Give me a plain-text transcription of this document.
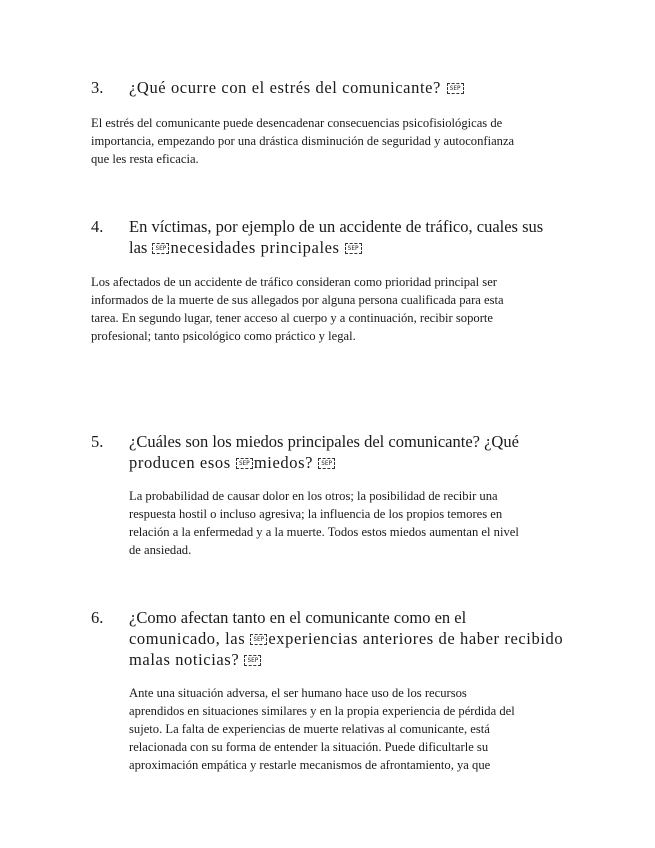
3. ¿Qué ocurre con el estrés del comunicante? SEP
El estrés del comunicante puede desencadenar consecuencias psicofisiológicas de
importancia, empezando por una drástica disminución de seguridad y autoconfianza
que les resta eficacia.
4. En víctimas, por ejemplo de un accidente de tráfico, cuales sus
las SEP necesidades principales SEP
Los afectados de un accidente de tráfico consideran como prioridad principal ser
informados de la muerte de sus allegados por alguna persona cualificada para esta
tarea. En segundo lugar, tener acceso al cuerpo y a continuación, recibir soporte
profesional; tanto psicológico como práctico y legal.
5. ¿Cuáles son los miedos principales del comunicante? ¿Qué
producen esos SEP miedos? SEP
La probabilidad de causar dolor en los otros; la posibilidad de recibir una
respuesta hostil o incluso agresiva; la influencia de los propios temores en
relación a la enfermedad y a la muerte. Todos estos miedos aumentan el nivel
de ansiedad.
6. ¿Como afectan tanto en el comunicante como en el
comunicado, las SEP experiencias anteriores de haber recibido
malas noticias? SEP
Ante una situación adversa, el ser humano hace uso de los recursos
aprendidos en situaciones similares y en la propia experiencia de pérdida del
sujeto. La falta de experiencias de muerte relativas al comunicante, está
relacionada con su forma de entender la situación. Puede dificultarle su
aproximación empática y restarle mecanismos de afrontamiento, ya que
